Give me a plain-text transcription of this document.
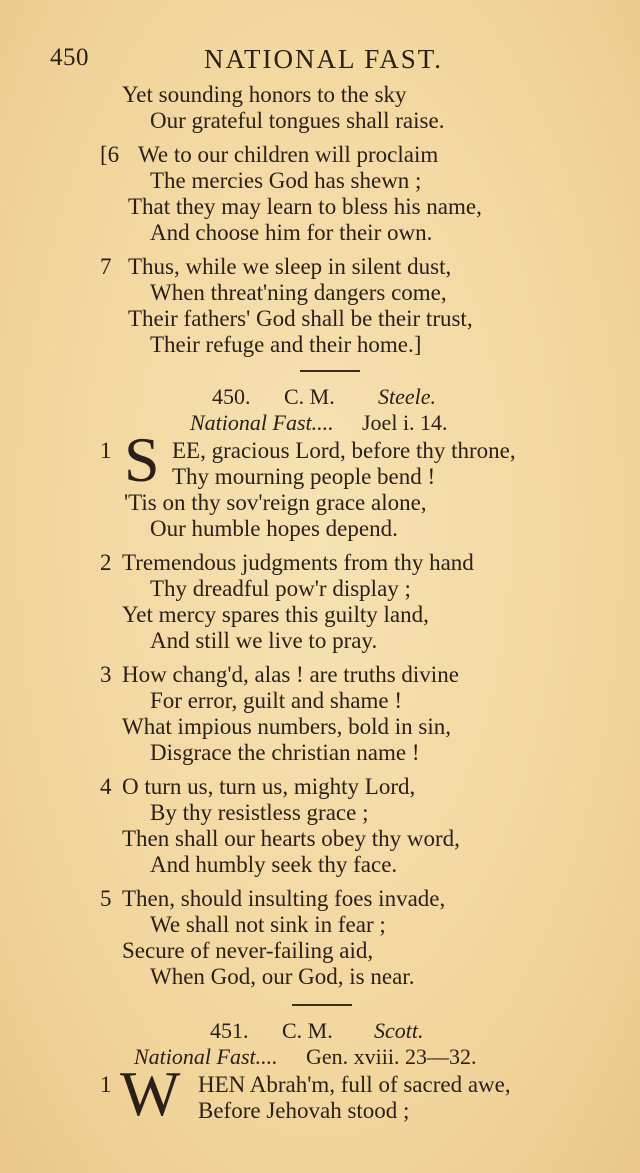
450	NATIONAL FAST.
Yet sounding honors to the sky
Our grateful tongues shall raise.
[6 We to our children will proclaim
The mercies God has shewn ;
That they may learn to bless his name,
And choose him for their own.
7 Thus, while we sleep in silent dust,
When threat'ning dangers come,
Their fathers' God shall be their trust,
Their refuge and their home.]
450. C. M. Steele.
National Fast.... Joel i. 14.
1 S EE, gracious Lord, before thy throne,
Thy mourning people bend !
'Tis on thy sov'reign grace alone,
Our humble hopes depend.
2 Tremendous judgments from thy hand
Thy dreadful pow'r display ;
Yet mercy spares this guilty land,
And still we live to pray.
3 How chang'd, alas ! are truths divine
For error, guilt and shame !
What impious numbers, bold in sin,
Disgrace the christian name !
4 O turn us, turn us, mighty Lord,
By thy resistless grace ;
Then shall our hearts obey thy word,
And humbly seek thy face.
5 Then, should insulting foes invade,
We shall not sink in fear ;
Secure of never-failing aid,
When God, our God, is near.
451. C. M. Scott.
National Fast.... Gen. xviii. 23—32.
1 W HEN Abrah'm, full of sacred awe,
Before Jehovah stood ;
